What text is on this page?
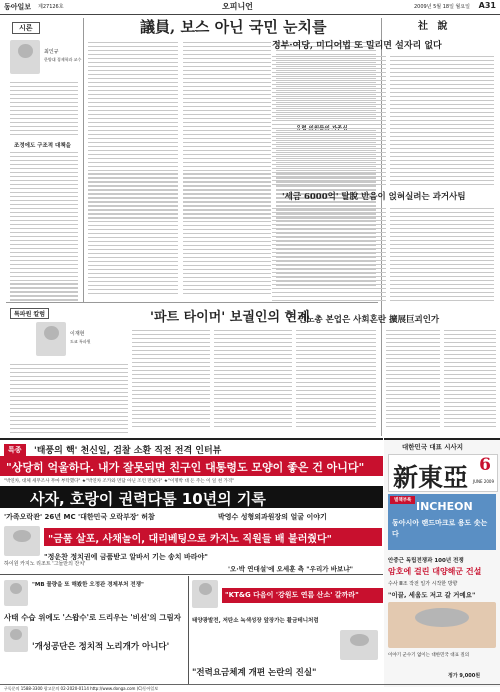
동아일보 제27126호	오피니언	2009년 5월 18일 월요일 A31
시론
최인규
한양대 경제학과 교수
조정에도 구조적 대책을
특파원 칼럼
이재현
도쿄 특파원
議員, 보스 아닌 국민 눈치를
'파트 타이머' 보궐인의 현계
社 說
정부·여당, 미디어법 또 밀리면 설자리 없다
'세금 6000억' 탈脫 반음이 얹혀실려는 과거사팀
민노총 본업은 사회혼란 擴展巨괴인가
특종	'태풍의 핵' 천신일, 검찰 소환 직전 전격 인터뷰
"상당히 억울하다. 내가 잘못되면 친구인 대통령도 모양이 좋은 건 아니다"
"박연차, 대체 세무조사 무마 부탁했다" ★"박연차 조카와 면담 아닌 조언 만났다" ★"이명박 대 돈 주는 이 일 천 가격"
사자, 호랑이 권력다툼 10년의 기록
'가족오락관' 26년 MC '대한민국 오락부장' 허참	박영수 성형외과원장의 얼굴 이야기
"금품 살포, 사채놀이, 대리베팅으로 카지노 직원들 배 불러줬다"
하이원 카지노 리조트 '그들만의 잔치'
"정운찬 정치권에 금품받고 알바서 기는 송치 바라야"
'오·박 연대설'에 오세훈 측 "우리가 바보냐"
"MB 물량을 또 해봤한 오정관 경제부처 전쟁"
사태 수습 위에도 '스왑수'로 드리우는 '비선'의 그림자
'개성공단은 정치적 노리개가 아니다'
"KT&G 다음이 '강원도 연름 산소' 갈까라"
태양광발전, 저탄소 녹색성장 앞장가는 활금테니처럼
"전력요금체계 개편 논란의 진실"
대한민국 대표 시사지
新東亞 6
JUNE 2009
별책부록 INCHEON
동아시아 랜드마크로 용도 솟는다
안중근 독립전쟁과 100년 전쟁
암호에 걸린 대양해군 건설
수사 Ⅲ조 작전 일가 시작한 방향
"이끌, 세움도 저고 갈 거예요"
이야기 군수기 없이는 대한민국 대표 질의
정가 9,000원
구독문의 1588-3300 광고문의 02-2020-0114 http://www.donga.com (C)동아일보
